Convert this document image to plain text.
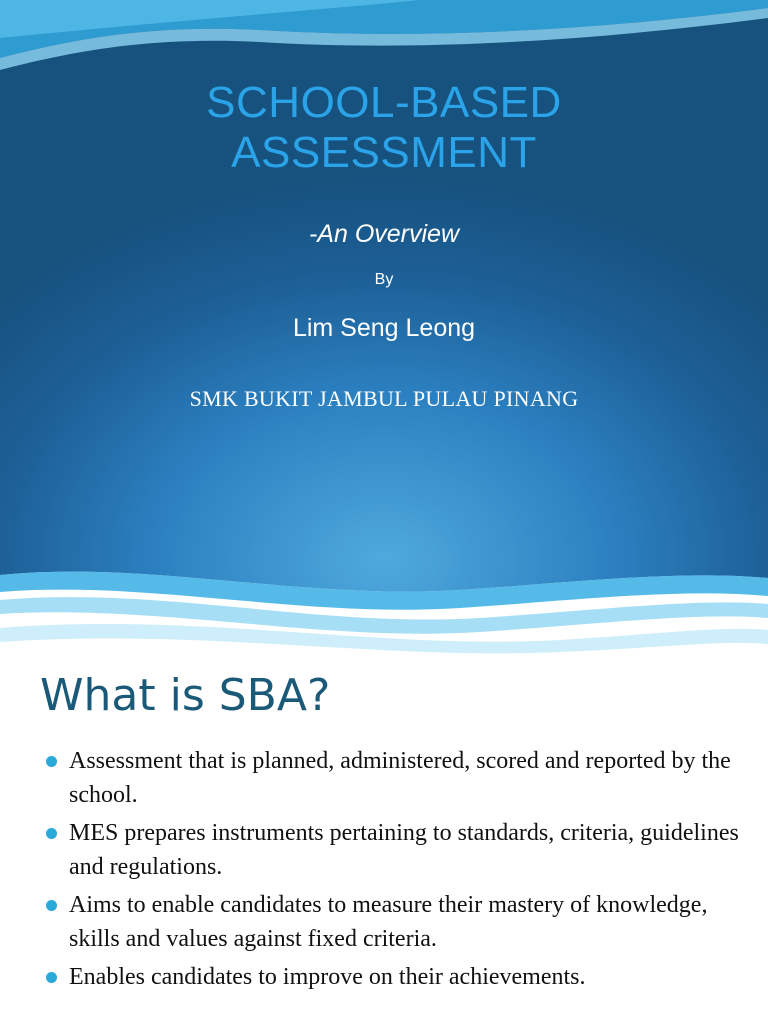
SCHOOL-BASED
ASSESSMENT
-An Overview
By
Lim Seng Leong
SMK BUKIT JAMBUL PULAU PINANG
What is SBA?
Assessment that is planned, administered, scored and reported by the school.
MES prepares instruments pertaining to standards, criteria, guidelines and regulations.
Aims to enable candidates to measure their mastery of knowledge, skills and values against fixed criteria.
Enables candidates to improve on their achievements.
